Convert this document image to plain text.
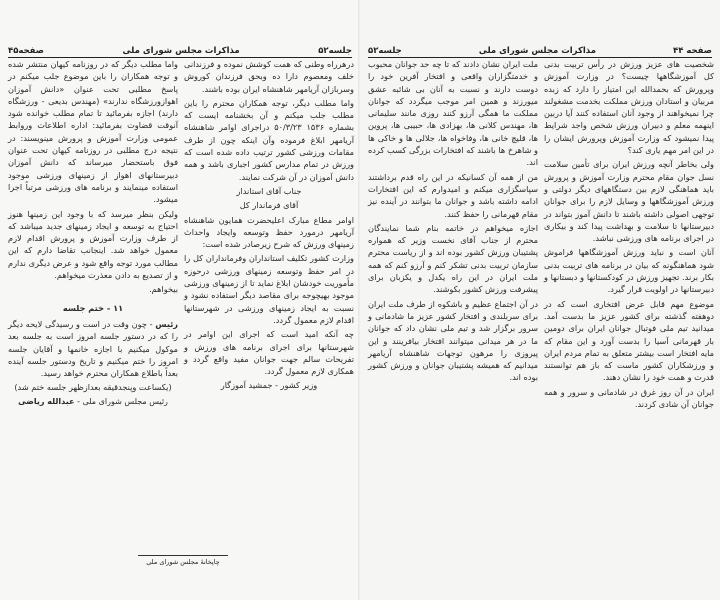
جلسه۵۲
مذاکرات مجلس شورای ملی
صفحه۴۵

درهرراه وطنی که همت کوشش نموده و فرزندانی خلف ومعصوم دارا ده وبحق فرزندان کوروش وسربازان آریامهر شاهنشاه ایران بوده باشند.

واما مطلب دیگر، توجه همکاران محترم را باین مطلب جلب میکنم و آن بخشنامه ایست که بشماره ۱۵۳۶ ۵۰/۳/۲۳ دراجرای اوامر شاهنشاه آریامهر ابلاغ فرموده وآن اینکه چون از طرف مقامات ورزشی کشور ترتیب داده شده است که ورزش در تمام مدارس کشور اجباری باشد و همه دانش آموزان در آن شرکت نمایند.

جناب آقای استاندار

آقای فرماندار کل

اوامر مطاع مبارک اعلیحضرت همایون شاهنشاه آریامهر درمورد حفظ وتوسعه وایجاد واحداث زمینهای ورزش که شرح زیرصادر شده است:

وزارت کشور تکلیف استانداران وفرمانداران کل را در امر حفظ وتوسعه زمینهای ورزشی درحوزه مأموریت خودشان ابلاغ نماید تا از زمینهای ورزشی موجود بهیچوجه برای مقاصد دیگر استفاده نشود و نسبت به ایجاد زمینهای ورزشی در شهرستانها اقدام لازم معمول گردد.

چه آنکه امید است که اجرای این اوامر در شهرستانها برای اجرای برنامه های ورزش و تفریحات سالم جهت جوانان مفید واقع گردد و همکاری لازم معمول گردد.

وزیر کشور - جمشید آموزگار

واما مطلب دیگر که در روزنامه کیهان منتشر شده و توجه همکاران را باین موضوع جلب میکنم در پاسخ مطلبی تحت عنوان «دانش آموزان اهوازورزشگاه ندارند» (مهندس بدیعی - ورزشگاه دارند) اجازه بفرمائید تا تمام مطلب خوانده شود آنوقت قضاوت بفرمائید: اداره اطلاعات وروابط عمومی وزارت آموزش و پرورش مینویسند: در نتیجه درج مطلبی در روزنامه کیهان تحت عنوان فوق باستحضار میرساند که دانش آموزان دبیرستانهای اهواز از زمینهای ورزشی موجود استفاده مینمایند و برنامه های ورزشی مرتباً اجرا میشود.

ولیکن بنظر میرسد که با وجود این زمینها هنوز احتیاج به توسعه و ایجاد زمینهای جدید میباشد که از طرف وزارت آموزش و پرورش اقدام لازم معمول خواهد شد. اینجانب تقاضا دارم که این مطالب مورد توجه واقع شود و عرض دیگری ندارم و از تصدیع به دادن معذرت میخواهم.

بیخواهم.

۱۱ - ختم جلسه

رئیس - چون وقت در است و رسیدگی لایحه دیگر را که در دستور جلسه امروز است به جلسه بعد موکول میکنیم با اجازه خانمها و آقایان جلسه امروز را ختم میکنیم و تاریخ ودستور جلسه آینده بعداً باطلاع همکاران محترم خواهد رسید.

(یکساعت وپنجدقیقه بعدازظهر جلسه ختم شد)

رئیس مجلس شورای ملی - عبدالله ریاضی
چاپخانهٔ مجلس شورای ملی
صفحه ۴۴
مذاکرات مجلس شورای ملی
جلسه۵۲

شخصیت های عزیز ورزش در رأس تربیت بدنی کل آموزشگاهها چیست؟ در وزارت آموزش وپرورش که بحمدالله این امتیاز را دارد که زبده مربیان و استادان ورزش مملکت بخدمت مشغولند چرا نمیخواهند از وجود آنان استفاده کنند آیا دربین اینهمه معلم و دبیران ورزش شخص واجد شرایط پیدا نمیشود که وزارت آموزش وپرورش ایشان را در این امر مهم یاری کند؟

ولی بخاطر آنچه ورزش ایران برای تأمین سلامت نسل جوان مقام محترم وزارت آموزش و پرورش باید هماهنگی لازم بین دستگاههای دیگر دولتی و ورزش آموزشگاهها و وسایل لازم را برای جوانان توجهی اصولی داشته باشند تا دانش آموز بتواند در دبیرستانها تا سلامت و بهداشت پیدا کند و بیکاری در اجرای برنامه های ورزشی نباشد.

آنان است و نباید ورزش آموزشگاهها فراموش شود هماهنگونه که بیان در برنامه های تربیت بدنی بکار برند. تجهیز ورزش در کودکستانها و دبستانها و دبیرستانها در اولویت قرار گیرد.

موضوع مهم قابل عرض افتخاری است که در دوهفته گذشته برای کشور عزیز ما بدست آمد. میدانید تیم ملی فوتبال جوانان ایران برای دومین بار قهرمانی آسیا را بدست آورد و این مقام که مایه افتخار است بیشتر متعلق به تمام مردم ایران و ورزشکاران کشور ماست که باز هم توانستند قدرت و همت خود را نشان دهند.

ایران در آن روز غرق در شادمانی و سرور و همه جوانان آن شادی کردند.

ملت ایران نشان دادند که تا چه حد جوانان محبوب و خدمتگزاران واقعی و افتخار آفرین خود را دوست دارند و نسبت به آنان بی شائبه عشق میورزند و همین امر موجب میگردد که جوانان مملکت ما همگی آرزو کنند روزی مانند سلیمانی ها، مهندس کلانی ها، بهزادی ها، حبیبی ها، پروین ها، قلیچ خانی ها، وفاخواه ها، جلالی ها و خاکی ها و شاهرخ ها باشند که افتخارات بزرگی کسب کرده اند.

من از همه آن کسانیکه در این راه قدم برداشتند سپاسگزاری میکنم و امیدوارم که این افتخارات ادامه داشته باشد و جوانان ما بتوانند در آینده نیز مقام قهرمانی را حفظ کنند.

اجازه میخواهم در خاتمه بنام شما نمایندگان محترم از جناب آقای نخست وزیر که همواره پشتیبان ورزش کشور بوده اند و از ریاست محترم سازمان تربیت بدنی تشکر کنم و آرزو کنم که همه ملت ایران در این راه یکدل و یکزبان برای پیشرفت ورزش کشور بکوشند.

در آن اجتماع عظیم و باشکوه از طرف ملت ایران برای سربلندی و افتخار کشور عزیز ما شادمانی و سرور برگزار شد و تیم ملی نشان داد که جوانان ما در هر میدانی میتوانند افتخار بیافرینند و این پیروزی را مرهون توجهات شاهنشاه آریامهر میدانیم که همیشه پشتیبان جوانان و ورزش کشور بوده اند.
